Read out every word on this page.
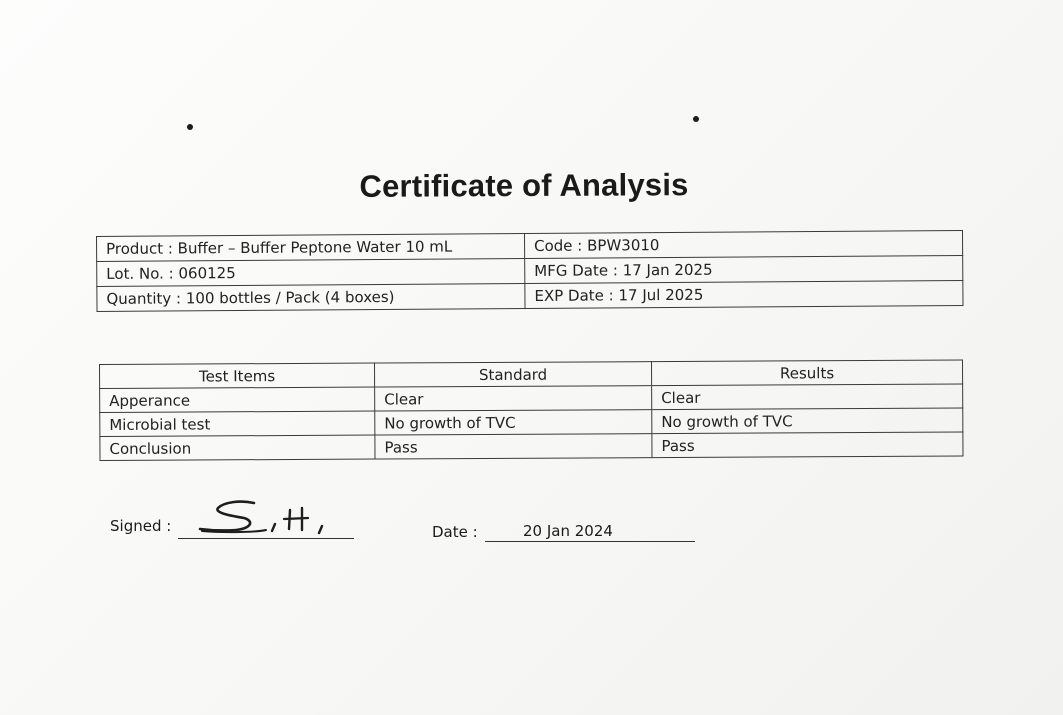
Certificate of Analysis
Product : Buffer – Buffer Peptone Water 10 mL	Code : BPW3010
Lot. No. : 060125	MFG Date : 17 Jan 2025
Quantity : 100 bottles / Pack (4 boxes)	EXP Date : 17 Jul 2025
Test Items	Standard	Results
Apperance	Clear	Clear
Microbial test	No growth of TVC	No growth of TVC
Conclusion	Pass	Pass
Signed :	Date :	20 Jan 2024
